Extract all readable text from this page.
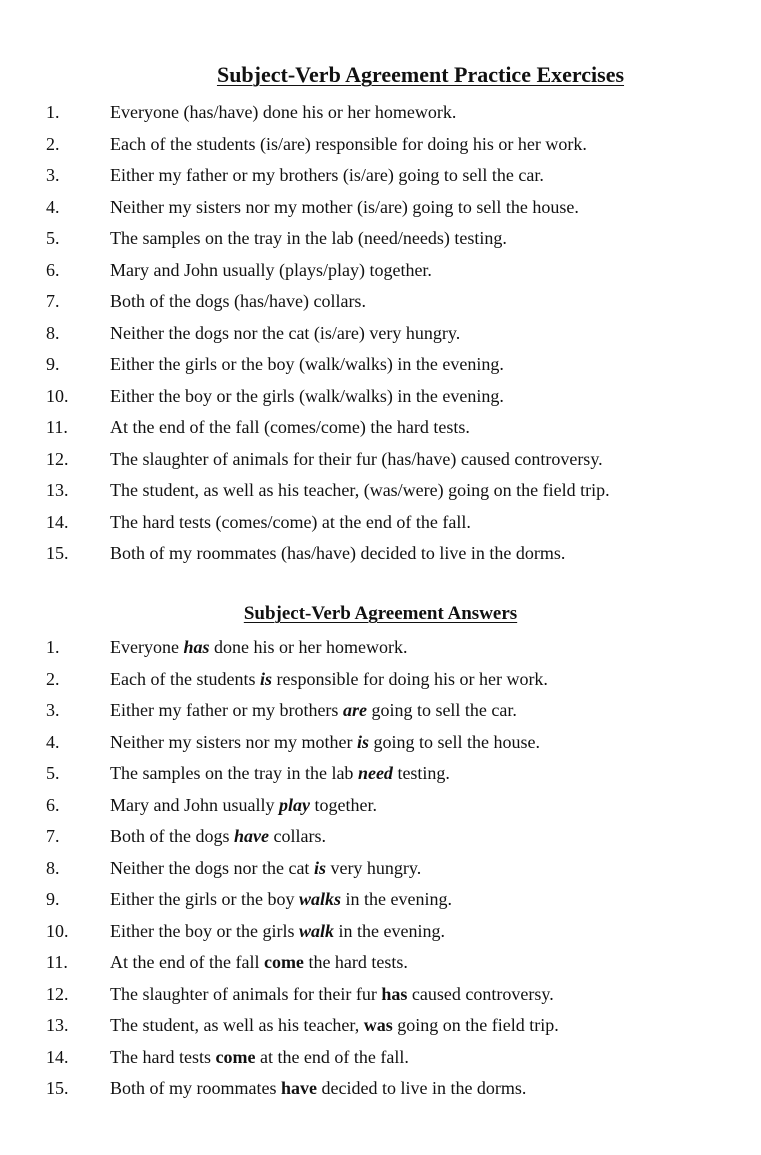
Subject-Verb Agreement Practice Exercises
1.	Everyone (has/have) done his or her homework.
2.	Each of the students (is/are) responsible for doing his or her work.
3.	Either my father or my brothers (is/are) going to sell the car.
4.	Neither my sisters nor my mother (is/are) going to sell the house.
5.	The samples on the tray in the lab (need/needs) testing.
6.	Mary and John usually (plays/play) together.
7.	Both of the dogs (has/have) collars.
8.	Neither the dogs nor the cat (is/are) very hungry.
9.	Either the girls or the boy (walk/walks) in the evening.
10.	Either the boy or the girls (walk/walks) in the evening.
11.	At the end of the fall (comes/come) the hard tests.
12.	The slaughter of animals for their fur (has/have) caused controversy.
13.	The student, as well as his teacher, (was/were) going on the field trip.
14.	The hard tests (comes/come) at the end of the fall.
15.	Both of my roommates (has/have) decided to live in the dorms.
Subject-Verb Agreement Answers
1.	Everyone has done his or her homework.
2.	Each of the students is responsible for doing his or her work.
3.	Either my father or my brothers are going to sell the car.
4.	Neither my sisters nor my mother is going to sell the house.
5.	The samples on the tray in the lab need testing.
6.	Mary and John usually play together.
7.	Both of the dogs have collars.
8.	Neither the dogs nor the cat is very hungry.
9.	Either the girls or the boy walks in the evening.
10.	Either the boy or the girls walk in the evening.
11.	At the end of the fall come the hard tests.
12.	The slaughter of animals for their fur has caused controversy.
13.	The student, as well as his teacher, was going on the field trip.
14.	The hard tests come at the end of the fall.
15.	Both of my roommates have decided to live in the dorms.
